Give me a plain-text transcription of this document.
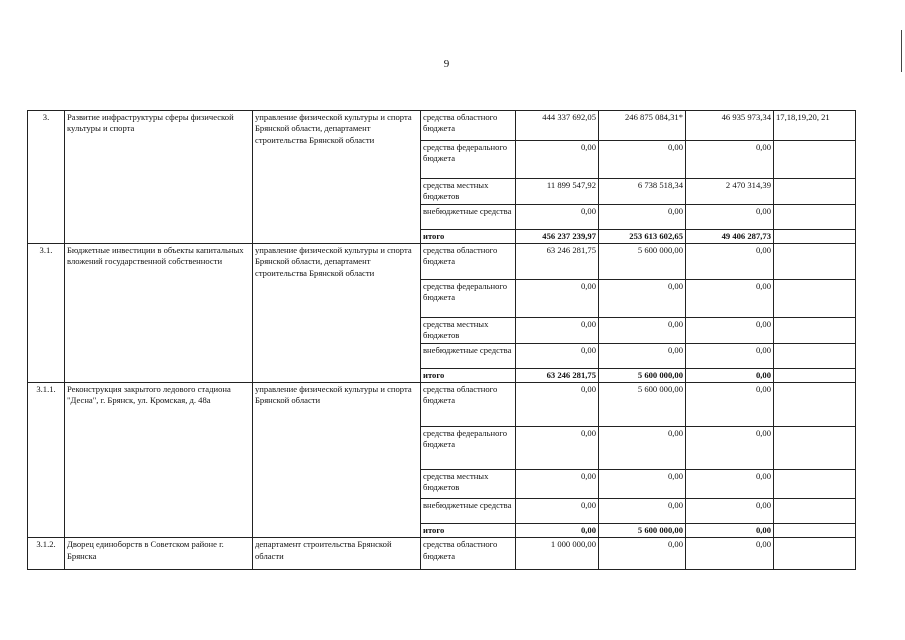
9
3.	Развитие инфраструктуры сферы физической культуры и спорта	управление физической культуры и спорта Брянской области, департамент строительства Брянской области	средства областного бюджета	444 337 692,05	246 875 084,31*	46 935 973,34	17,18,19,20, 21
			средства федерального бюджета	0,00	0,00	0,00	
			средства местных бюджетов	11 899 547,92	6 738 518,34	2 470 314,39	
			внебюджетные средства	0,00	0,00	0,00	
			итого	456 237 239,97	253 613 602,65	49 406 287,73	
3.1.	Бюджетные инвестиции в объекты капитальных вложений государственной собственности	управление физической культуры и спорта Брянской области, департамент строительства Брянской области	средства областного бюджета	63 246 281,75	5 600 000,00	0,00	
			средства федерального бюджета	0,00	0,00	0,00	
			средства местных бюджетов	0,00	0,00	0,00	
			внебюджетные средства	0,00	0,00	0,00	
			итого	63 246 281,75	5 600 000,00	0,00	
3.1.1.	Реконструкция закрытого ледового стадиона "Десна", г. Брянск, ул. Кромская, д. 48а	управление физической культуры и спорта Брянской области	средства областного бюджета	0,00	5 600 000,00	0,00	
			средства федерального бюджета	0,00	0,00	0,00	
			средства местных бюджетов	0,00	0,00	0,00	
			внебюджетные средства	0,00	0,00	0,00	
			итого	0,00	5 600 000,00	0,00	
3.1.2.	Дворец единоборств в Советском районе г. Брянска	департамент строительства Брянской области	средства областного бюджета	1 000 000,00	0,00	0,00	
